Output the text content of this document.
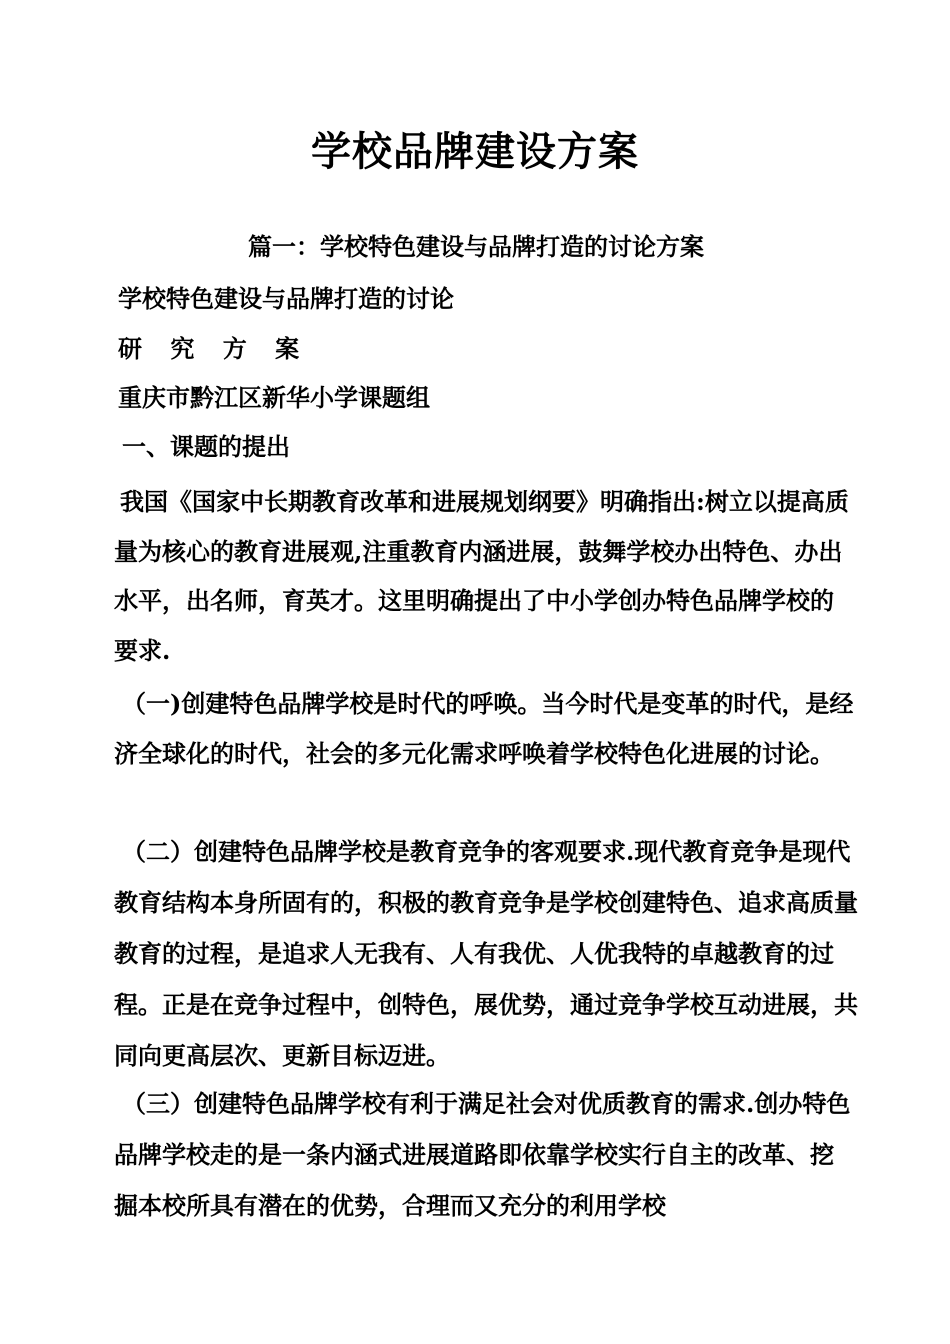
学校品牌建设方案
篇一：学校特色建设与品牌打造的讨论方案
学校特色建设与品牌打造的讨论
研 究 方 案
重庆市黔江区新华小学课题组
一、课题的提出

我国《国家中长期教育改革和进展规划纲要》明确指出:树立以提高质量为核心的教育进展观,注重教育内涵进展，鼓舞学校办出特色、办出水平，出名师，育英才。这里明确提出了中小学创办特色品牌学校的要求.

（一)创建特色品牌学校是时代的呼唤。当今时代是变革的时代，是经济全球化的时代，社会的多元化需求呼唤着学校特色化进展的讨论。

（二）创建特色品牌学校是教育竞争的客观要求.现代教育竞争是现代教育结构本身所固有的，积极的教育竞争是学校创建特色、追求高质量教育的过程，是追求人无我有、人有我优、人优我特的卓越教育的过程。正是在竞争过程中，创特色，展优势，通过竞争学校互动进展，共同向更高层次、更新目标迈进。

（三）创建特色品牌学校有利于满足社会对优质教育的需求.创办特色品牌学校走的是一条内涵式进展道路即依靠学校实行自主的改革、挖掘本校所具有潜在的优势，合理而又充分的利用学校
